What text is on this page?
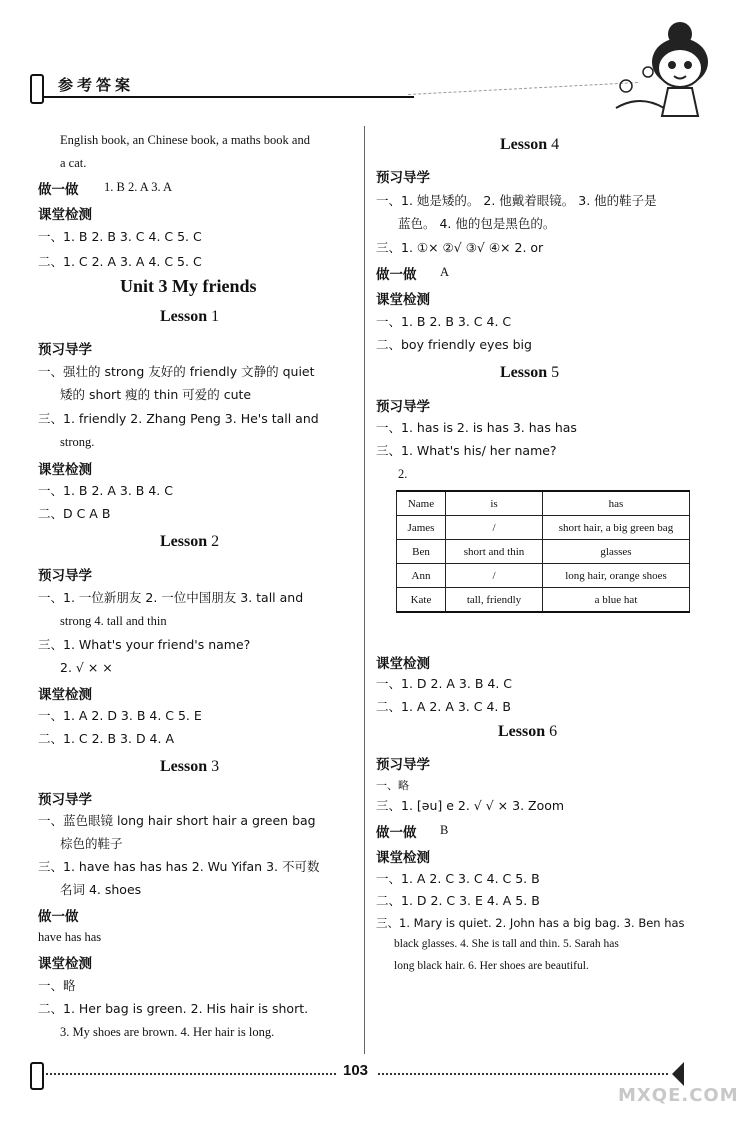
参考答案
English book, an Chinese book, a maths book and
a cat.
做一做 1. B 2. A 3. A
课堂检测
一、1. B 2. B 3. C 4. C 5. C
二、1. C 2. A 3. A 4. C 5. C
Unit 3 My friends
Lesson 1
预习导学
一、强壮的 strong 友好的 friendly 文静的 quiet
矮的 short 瘦的 thin 可爱的 cute
三、1. friendly 2. Zhang Peng 3. He's tall and
strong.
课堂检测
一、1. B 2. A 3. B 4. C
二、D C A B
Lesson 2
预习导学
一、1. 一位新朋友 2. 一位中国朋友 3. tall and
strong 4. tall and thin
三、1. What's your friend's name?
2. √ × ×
课堂检测
一、1. A 2. D 3. B 4. C 5. E
二、1. C 2. B 3. D 4. A
Lesson 3
预习导学
一、蓝色眼镜 long hair short hair a green bag
棕色的鞋子
三、1. have has has has 2. Wu Yifan 3. 不可数
名词 4. shoes
做一做
have has has
课堂检测
一、略
二、1. Her bag is green. 2. His hair is short.
3. My shoes are brown. 4. Her hair is long.
Lesson 4
预习导学
一、1. 她是矮的。 2. 他戴着眼镜。 3. 他的鞋子是
蓝色。 4. 他的包是黑色的。
三、1. ①× ②√ ③√ ④× 2. or
做一做 A
课堂检测
一、1. B 2. B 3. C 4. C
二、boy friendly eyes big
Lesson 5
预习导学
一、1. has is 2. is has 3. has has
三、1. What's his/ her name?
2.
Name	is	has
James	/	short hair, a big green bag
Ben	short and thin	glasses
Ann	/	long hair, orange shoes
Kate	tall, friendly	a blue hat
课堂检测
一、1. D 2. A 3. B 4. C
二、1. A 2. A 3. C 4. B
Lesson 6
预习导学
一、略
三、1. [əu] e 2. √ √ × 3. Zoom
做一做 B
课堂检测
一、1. A 2. C 3. C 4. C 5. B
二、1. D 2. C 3. E 4. A 5. B
三、1. Mary is quiet. 2. John has a big bag. 3. Ben has
black glasses. 4. She is tall and thin. 5. Sarah has
long black hair. 6. Her shoes are beautiful.
103
MXQE.COM
